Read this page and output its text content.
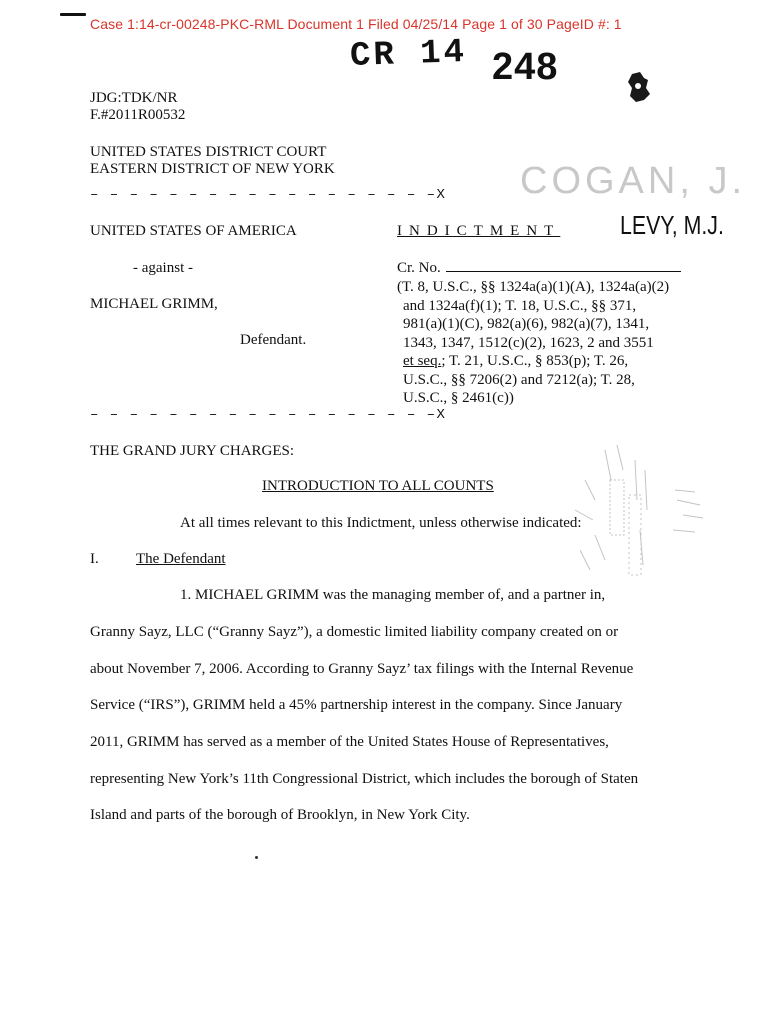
Case 1:14-cr-00248-PKC-RML Document 1 Filed 04/25/14 Page 1 of 30 PageID #: 1
CR 14 248
JDG:TDK/NR
F.#2011R00532
UNITED STATES DISTRICT COURT
EASTERN DISTRICT OF NEW YORK	COGAN, J.
– – – – – – – – – – – – – – – – – –X
UNITED STATES OF AMERICA	INDICTMENT LEVY, M.J.
- against -	Cr. No.
MICHAEL GRIMM,
Defendant.
(T. 8, U.S.C., §§ 1324a(a)(1)(A), 1324a(a)(2)
and 1324a(f)(1); T. 18, U.S.C., §§ 371,
981(a)(1)(C), 982(a)(6), 982(a)(7), 1341,
1343, 1347, 1512(c)(2), 1623, 2 and 3551
et seq.; T. 21, U.S.C., § 853(p); T. 26,
U.S.C., §§ 7206(2) and 7212(a); T. 28,
U.S.C., § 2461(c))
– – – – – – – – – – – – – – – – – –X
THE GRAND JURY CHARGES:
INTRODUCTION TO ALL COUNTS
At all times relevant to this Indictment, unless otherwise indicated:
I. The Defendant
1. MICHAEL GRIMM was the managing member of, and a partner in,
Granny Sayz, LLC (“Granny Sayz”), a domestic limited liability company created on or
about November 7, 2006. According to Granny Sayz’ tax filings with the Internal Revenue
Service (“IRS”), GRIMM held a 45% partnership interest in the company. Since January
2011, GRIMM has served as a member of the United States House of Representatives,
representing New York’s 11th Congressional District, which includes the borough of Staten
Island and parts of the borough of Brooklyn, in New York City.
